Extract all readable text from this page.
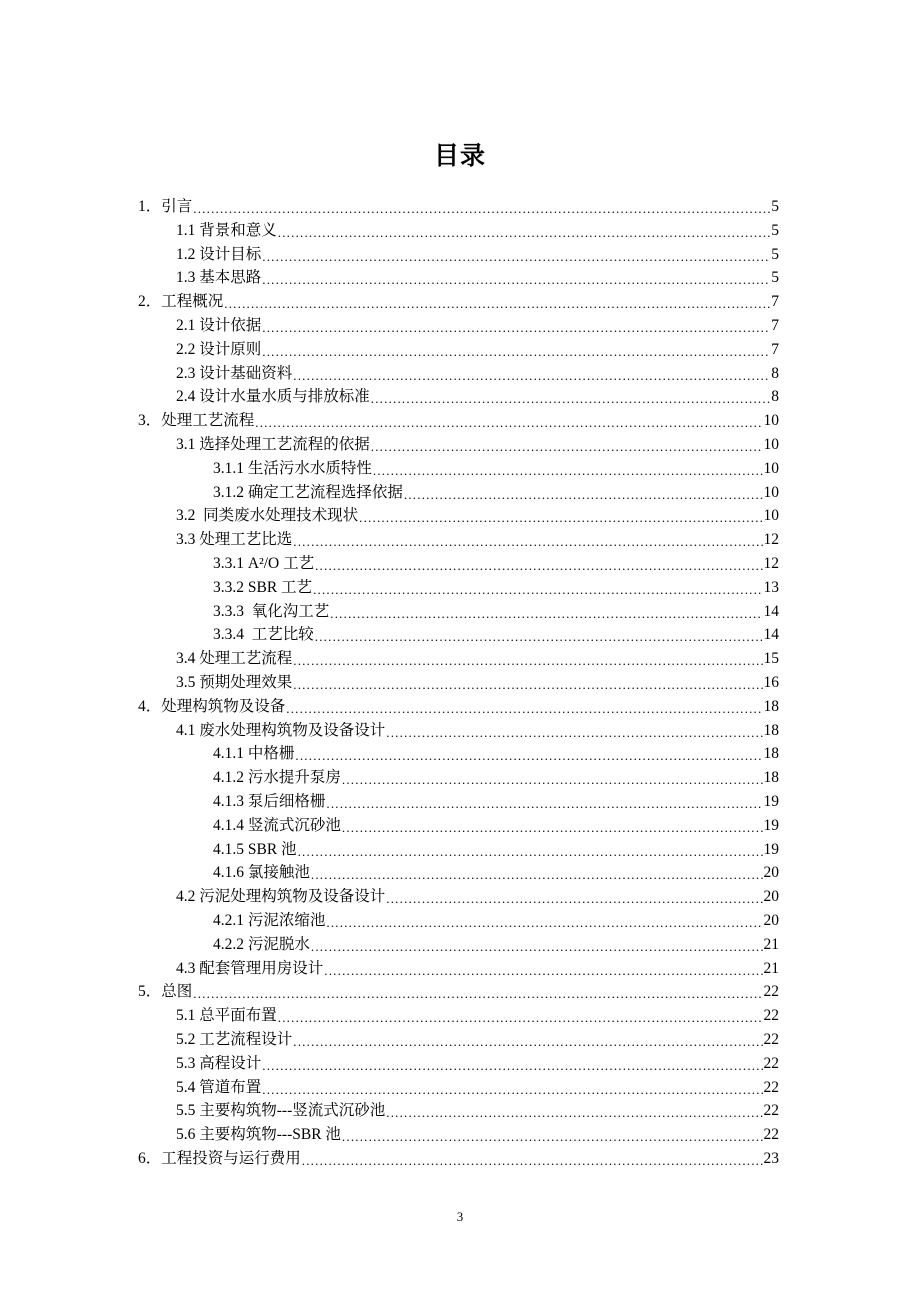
目录
1． 引言 .....	5
1.1 背景和意义 .....	5
1.2 设计目标 .....	5
1.3 基本思路 .....	5
2． 工程概况 .....	7
2.1 设计依据 .....	7
2.2 设计原则 .....	7
2.3 设计基础资料 .....	8
2.4 设计水量水质与排放标准 .....	8
3． 处理工艺流程 .....	10
3.1 选择处理工艺流程的依据 .....	10
3.1.1 生活污水水质特性 .....	10
3.1.2 确定工艺流程选择依据 .....	10
3.2 同类废水处理技术现状 .....	10
3.3 处理工艺比选 .....	12
3.3.1 A²/O 工艺 .....	12
3.3.2 SBR 工艺 .....	13
3.3.3 氧化沟工艺 .....	14
3.3.4 工艺比较 .....	14
3.4 处理工艺流程 .....	15
3.5 预期处理效果 .....	16
4． 处理构筑物及设备 .....	18
4.1 废水处理构筑物及设备设计 .....	18
4.1.1 中格栅 .....	18
4.1.2 污水提升泵房 .....	18
4.1.3 泵后细格栅 .....	19
4.1.4 竖流式沉砂池 .....	19
4.1.5 SBR 池 .....	19
4.1.6 氯接触池 .....	20
4.2 污泥处理构筑物及设备设计 .....	20
4.2.1 污泥浓缩池 .....	20
4.2.2 污泥脱水 .....	21
4.3 配套管理用房设计 .....	21
5． 总图 .....	22
5.1 总平面布置 .....	22
5.2 工艺流程设计 .....	22
5.3 高程设计 .....	22
5.4 管道布置 .....	22
5.5 主要构筑物---竖流式沉砂池 .....	22
5.6 主要构筑物---SBR 池 .....	22
6． 工程投资与运行费用 .....	23
3
